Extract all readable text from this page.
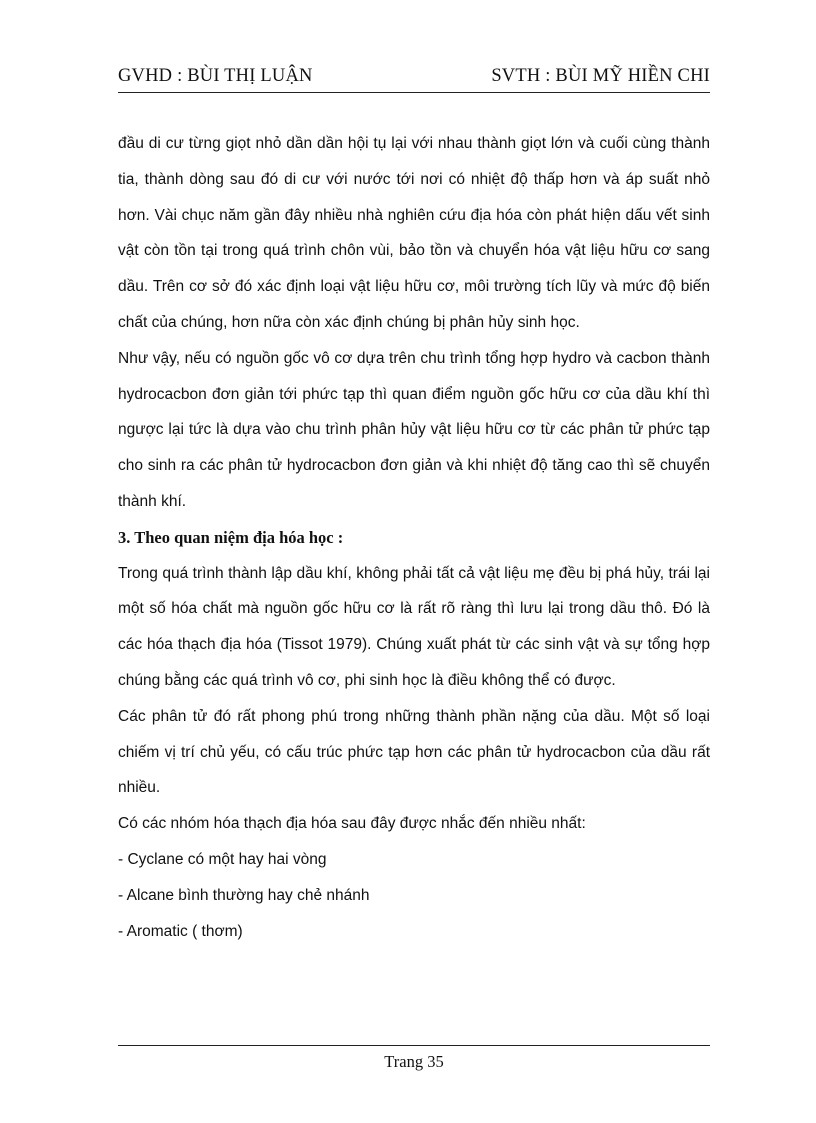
GVHD : BÙI THỊ LUẬN	SVTH : BÙI MỸ HIỀN CHI

đầu di cư từng giọt nhỏ dần dần hội tụ lại với nhau thành giọt lớn và cuối cùng thành tia, thành dòng sau đó di cư với nước tới nơi có nhiệt độ thấp hơn và áp suất nhỏ hơn. Vài chục năm gần đây nhiều nhà nghiên cứu địa hóa còn phát hiện dấu vết sinh vật còn tồn tại trong quá trình chôn vùi, bảo tồn và chuyển hóa vật liệu hữu cơ sang dầu. Trên cơ sở đó xác định loại vật liệu hữu cơ, môi trường tích lũy và mức độ biến chất của chúng, hơn nữa còn xác định chúng bị phân hủy sinh học.

Như vậy, nếu có nguồn gốc vô cơ dựa trên chu trình tổng hợp hydro và cacbon thành hydrocacbon đơn giản tới phức tạp thì quan điểm nguồn gốc hữu cơ của dầu khí thì ngược lại tức là dựa vào chu trình phân hủy vật liệu hữu cơ từ các phân tử phức tạp cho sinh ra các phân tử hydrocacbon đơn giản và khi nhiệt độ tăng cao thì sẽ chuyển thành khí.

3. Theo quan niệm địa hóa học :

Trong quá trình thành lập dầu khí, không phải tất cả vật liệu mẹ đều bị phá hủy, trái lại một số hóa chất mà nguồn gốc hữu cơ là rất rõ ràng thì lưu lại trong dầu thô. Đó là các hóa thạch địa hóa (Tissot 1979). Chúng xuất phát từ các sinh vật và sự tổng hợp chúng bằng các quá trình vô cơ, phi sinh học là điều không thể có được.

Các phân tử đó rất phong phú trong những thành phần nặng của dầu. Một số loại chiếm vị trí chủ yếu, có cấu trúc phức tạp hơn các phân tử hydrocacbon của dầu rất nhiều.

Có các nhóm hóa thạch địa hóa sau đây được nhắc đến nhiều nhất:

- Cyclane có một hay hai vòng

- Alcane bình thường hay chẻ nhánh

- Aromatic ( thơm)

Trang 35
